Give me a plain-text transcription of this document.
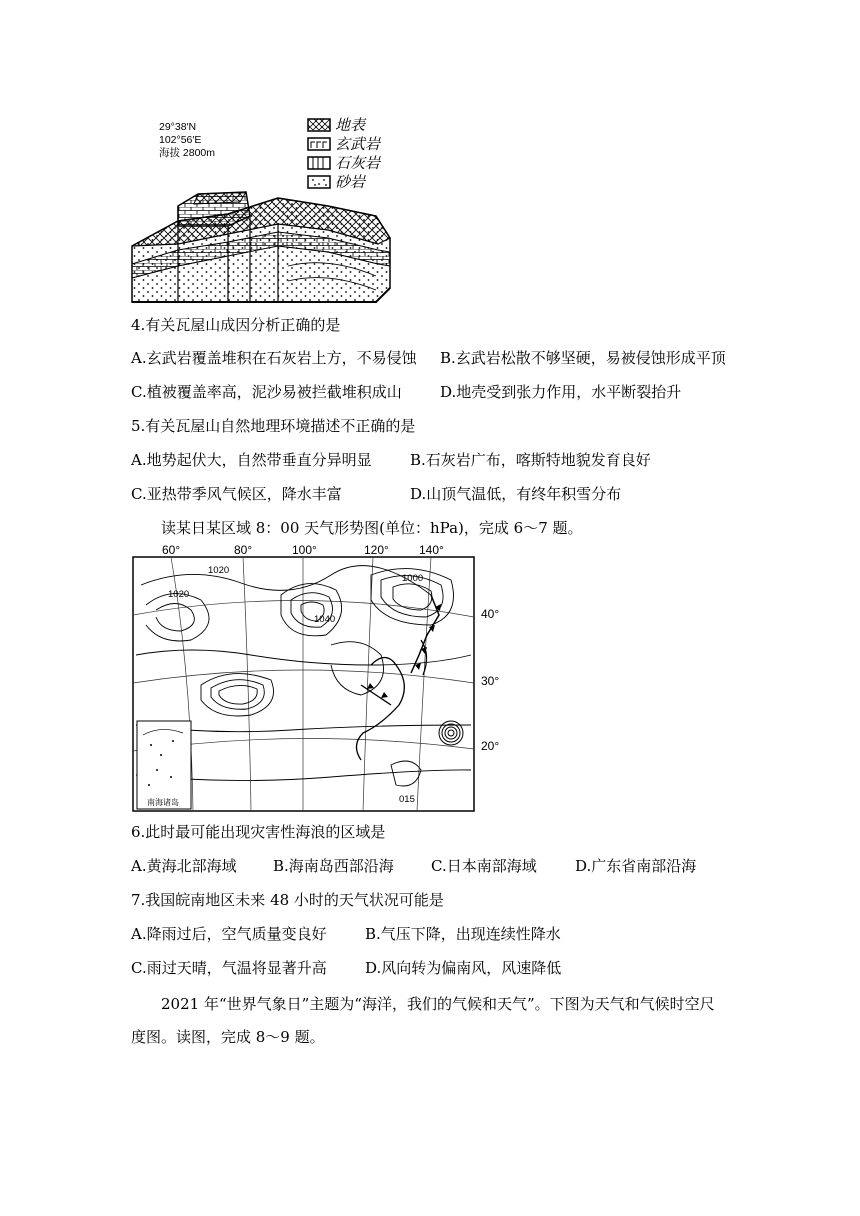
29°38′N
102°56′E
海拔 2800m
地表
玄武岩
石灰岩
砂岩
4.有关瓦屋山成因分析正确的是
A.玄武岩覆盖堆积在石灰岩上方，不易侵蚀 B.玄武岩松散不够坚硬，易被侵蚀形成平顶
C.植被覆盖率高，泥沙易被拦截堆积成山	D.地壳受到张力作用，水平断裂抬升
5.有关瓦屋山自然地理环境描述不正确的是
A.地势起伏大，自然带垂直分异明显	B.石灰岩广布，喀斯特地貌发育良好
C.亚热带季风气候区，降水丰富	D.山顶气温低，有终年积雪分布
读某日某区域 8：00 天气形势图(单位：hPa)，完成 6～7 题。
60°	80°	100°	120°	140°
40°
30°
20°
1020
1020
1040
1000
015
南海诸岛
6.此时最可能出现灾害性海浪的区域是
A.黄海北部海域 B.海南岛西部沿海 C.日本南部海域	D.广东省南部沿海
7.我国皖南地区未来 48 小时的天气状况可能是
A.降雨过后，空气质量变良好	B.气压下降，出现连续性降水
C.雨过天晴，气温将显著升高	D.风向转为偏南风，风速降低
2021 年“世界气象日”主题为“海洋，我们的气候和天气”。下图为天气和气候时空尺
度图。读图，完成 8～9 题。
